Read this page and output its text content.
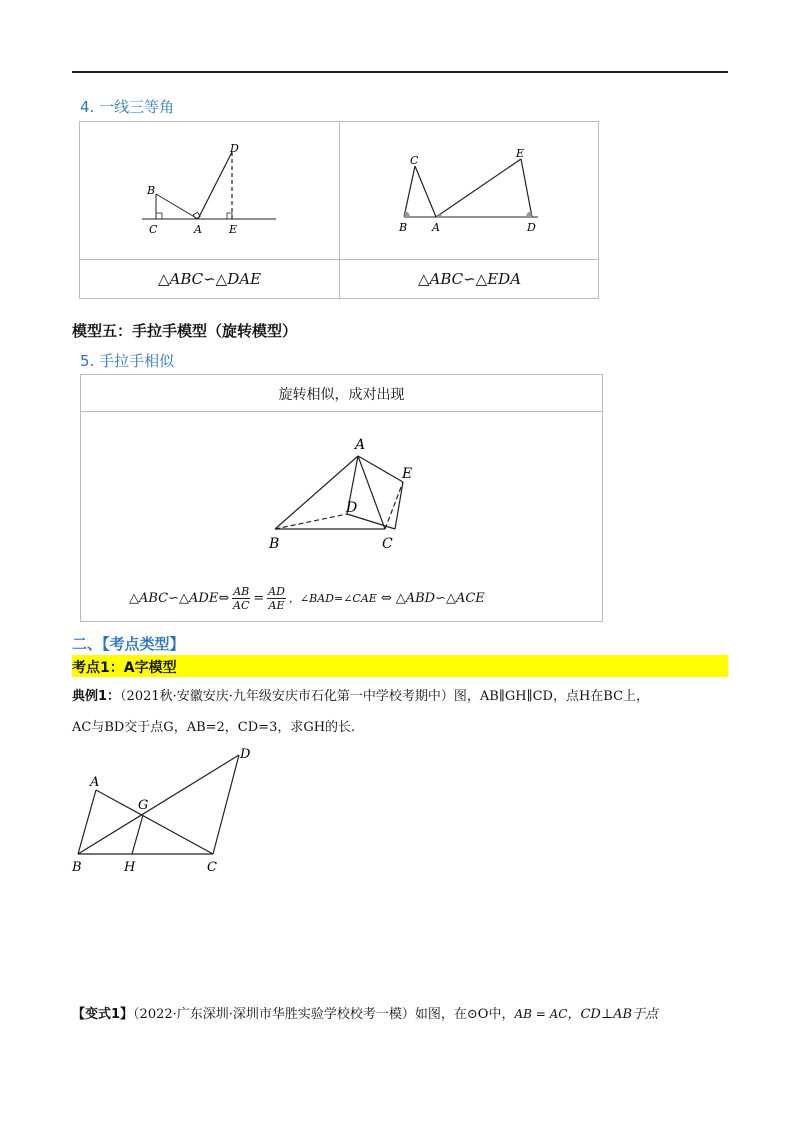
4. 一线三等角
B
C	A
D
E
C
E
B A	D
△ABC∽△DAE	△ABC∽△EDA
模型五：手拉手模型（旋转模型）
5. 手拉手相似
旋转相似，成对出现
A
E
D
B	C
△ABC∽△ADE⇔ $\frac{AB}{AC} = \frac{AD}{AE}$ ，∠BAD=∠CAE ⇔ △ABD∽△ACE
二、【考点类型】
考点1：A字模型
典例1：（2021秋·安徽安庆·九年级安庆市石化第一中学校考期中）图，AB∥GH∥CD，点H在BC上，
AC与BD交于点G，AB=2，CD=3，求GH的长.
A
D
G
B	H	C
【变式1】（2022·广东深圳·深圳市华胜实验学校校考一模）如图，在⊙O中，AB = AC，CD⊥AB于点
